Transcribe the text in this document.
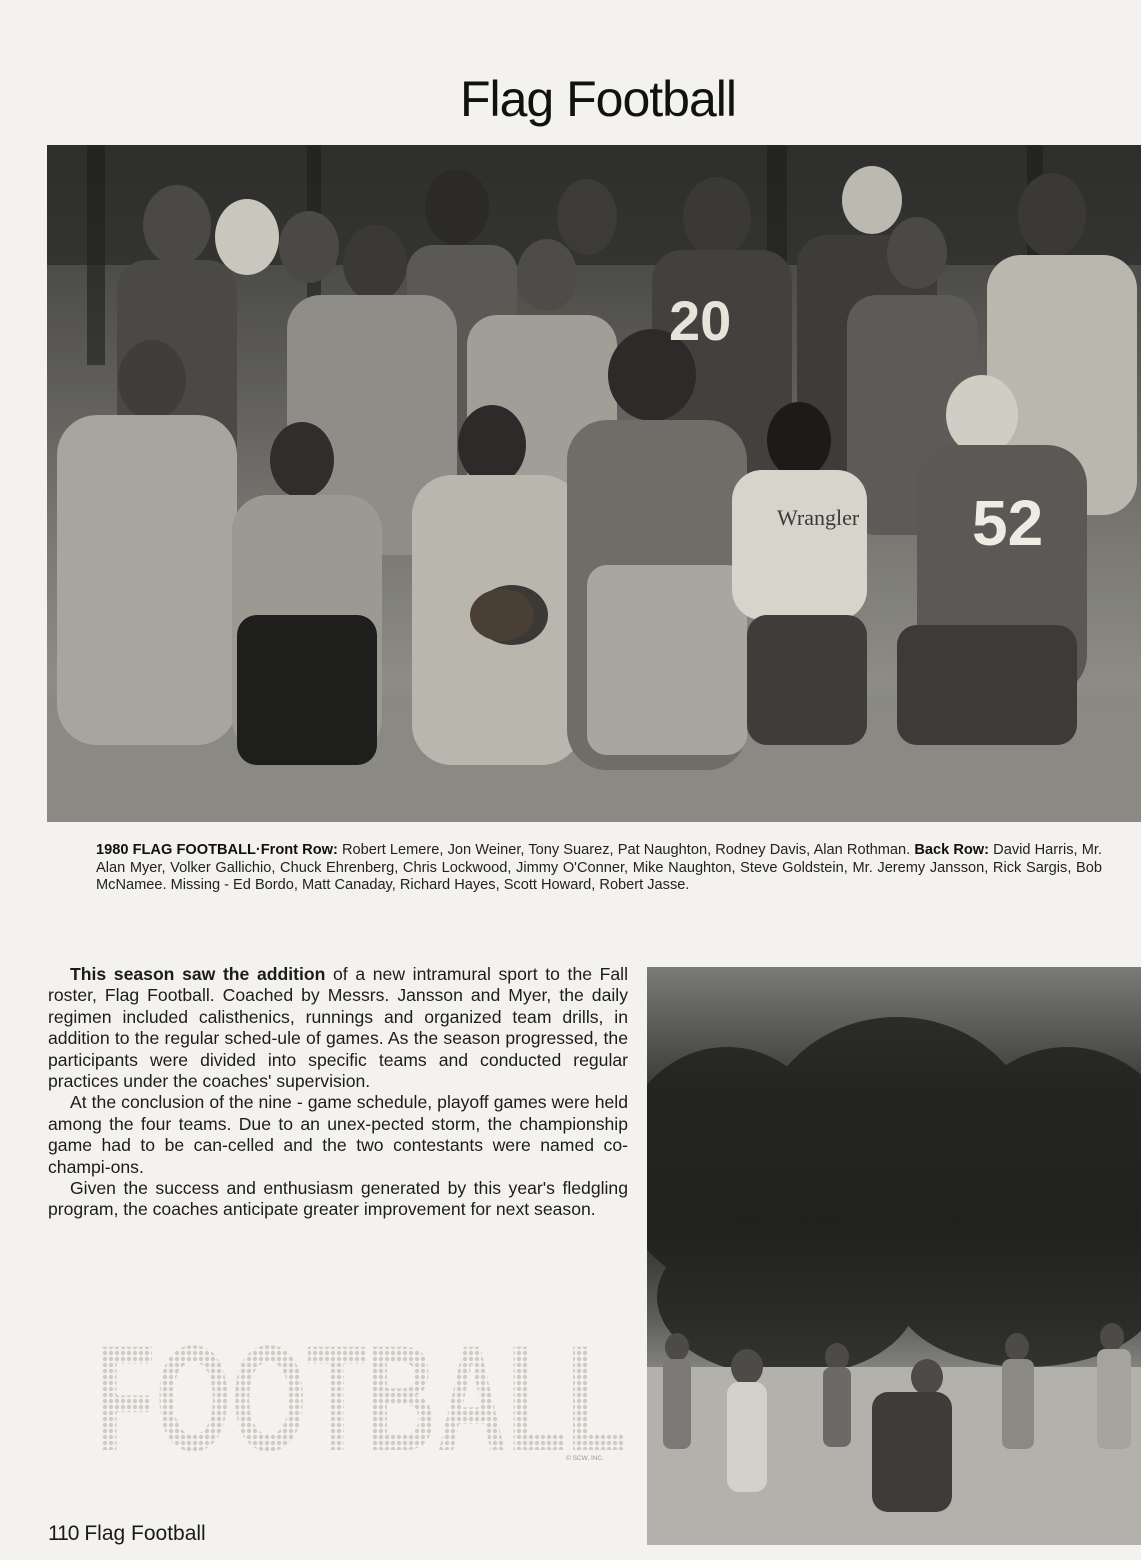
Flag Football
20
52
Wrangler
1980 FLAG FOOTBALL·Front Row: Robert Lemere, Jon Weiner, Tony Suarez, Pat Naughton, Rodney Davis, Alan Rothman. Back Row: David Harris, Mr. Alan Myer, Volker Gallichio, Chuck Ehrenberg, Chris Lockwood, Jimmy O'Conner, Mike Naughton, Steve Goldstein, Mr. Jeremy Jansson, Rick Sargis, Bob McNamee. Missing - Ed Bordo, Matt Canaday, Richard Hayes, Scott Howard, Robert Jasse.

This season saw the addition of a new intramural sport to the Fall roster, Flag Football. Coached by Messrs. Jansson and Myer, the daily regimen included calisthenics, runnings and organized team drills, in addition to the regular sched-ule of games. As the season progressed, the participants were divided into specific teams and conducted regular practices under the coaches' supervision.

At the conclusion of the nine - game schedule, playoff games were held among the four teams. Due to an unex-pected storm, the championship game had to be can-celled and the two contestants were named co-champi-ons.

Given the success and enthusiasm generated by this year's fledgling program, the coaches anticipate greater improvement for next season.

FOOTBALL
© SCW, INC.
110 Flag Football
